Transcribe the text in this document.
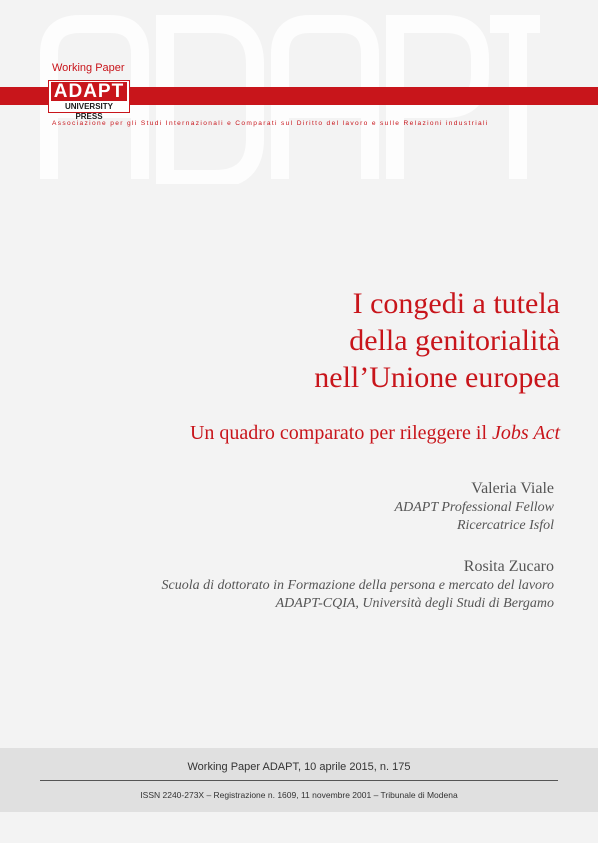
Working Paper
ADAPT
UNIVERSITY PRESS
Associazione per gli Studi Internazionali e Comparati sul Diritto del lavoro e sulle Relazioni industriali
I congedi a tutela
della genitorialità
nell’Unione europea
Un quadro comparato per rileggere il Jobs Act
Valeria Viale
ADAPT Professional Fellow
Ricercatrice Isfol
Rosita Zucaro
Scuola di dottorato in Formazione della persona e mercato del lavoro
ADAPT-CQIA, Università degli Studi di Bergamo
Working Paper ADAPT, 10 aprile 2015, n. 175
ISSN 2240-273X – Registrazione n. 1609, 11 novembre 2001 – Tribunale di Modena
